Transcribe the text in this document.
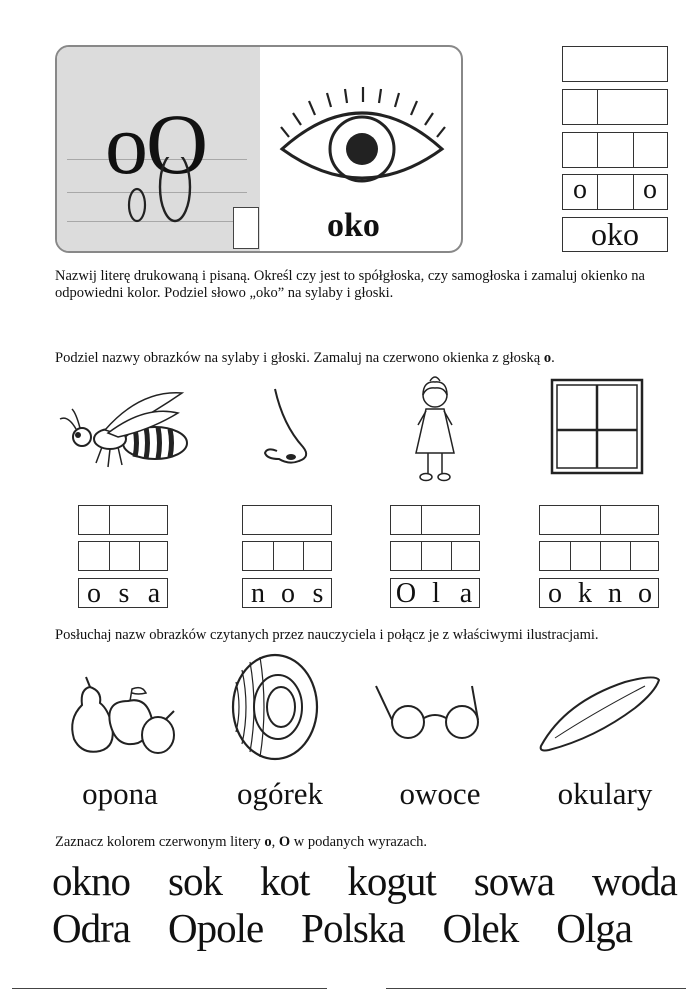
oO
oko
o	o
oko
Nazwij literę drukowaną i pisaną. Określ czy jest to spółgłoska, czy samogłoska i zamaluj okienko na odpowiedni kolor. Podziel słowo „oko” na sylaby i głoski.
Podziel nazwy obrazków na sylaby i głoski. Zamaluj na czerwono okienka z głoską o.
o s a	n o s	O l a	o k n o
Posłuchaj nazw obrazków czytanych przez nauczyciela i połącz je z właściwymi ilustracjami.
opona	ogórek	owoce	okulary
Zaznacz kolorem czerwonym litery o, O w podanych wyrazach.
okno sok kot kogut sowa woda
Odra Opole Polska Olek Olga
